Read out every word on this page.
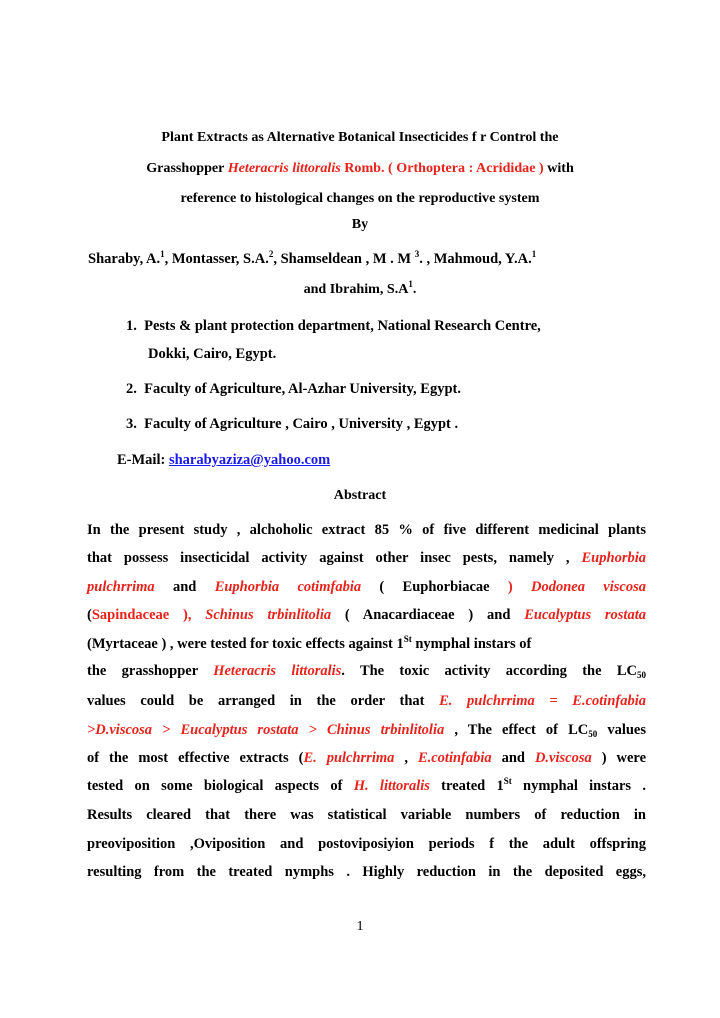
Plant Extracts as Alternative Botanical Insecticides f r Control the
Grasshopper Heteracris littoralis Romb. ( Orthoptera : Acrididae ) with
reference to histological changes on the reproductive system
By
Sharaby, A.$^1$, Montasser, S.A.$^2$, Shamseldean , M . M $^3$. , Mahmoud, Y.A.$^1$
and Ibrahim, $S.A^1$.
1. Pests & plant protection department, National Research Centre,
Dokki, Cairo, Egypt.
2. Faculty of Agriculture, Al-Azhar University, Egypt.
3. Faculty of Agriculture , Cairo , University , Egypt .
E-Mail: sharabyaziza@yahoo.com
Abstract
In the present study , alchoholic extract 85 % of five different medicinal plants
that possess insecticidal activity against other insec pests, namely , Euphorbia
pulchrrima and Euphorbia cotimfabia ( Euphorbiacae ) Dodonea viscosa
(Sapindaceae ), Schinus trbinlitolia ( Anacardiaceae ) and Eucalyptus rostata
(Myrtaceae ) , were tested for toxic effects against 1St nymphal instars of
the grasshopper Heteracris littoralis. The toxic activity according the $LC_{50}$
values could be arranged in the order that E. pulchrrima = E.cotinfabia
>D.viscosa > Eucalyptus rostata > Chinus trbinlitolia , The effect of $LC_{50}$ values
of the most effective extracts (E. pulchrrima , E.cotinfabia and D.viscosa ) were
tested on some biological aspects of H. littoralis treated 1St nymphal instars .
Results cleared that there was statistical variable numbers of reduction in
preoviposition ,Oviposition and postoviposiyion periods f the adult offspring
resulting from the treated nymphs . Highly reduction in the deposited eggs,
1
